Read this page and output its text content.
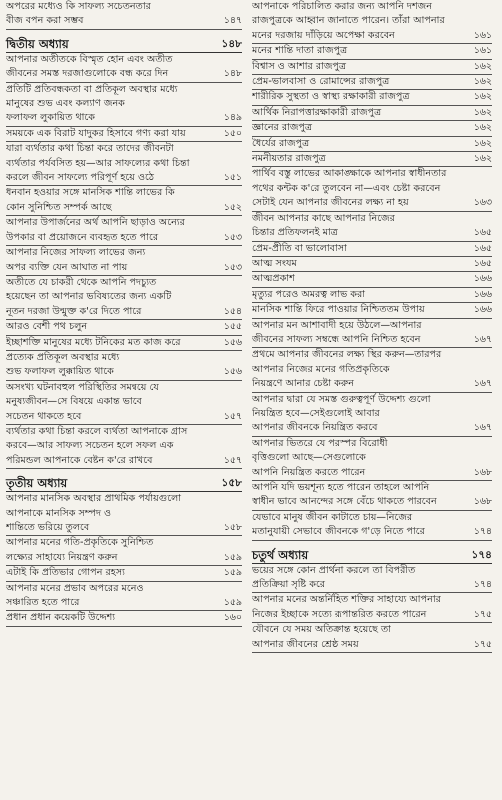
অপরের মধ্যেও কি সাফল্য সচেতনতার
বীজ বপন করা সম্ভব	১৪৭
দ্বিতীয় অধ্যায়	১৪৮
আপনার অতীতকে বিস্মৃত হোন এবং অতীত
জীবনের সমস্ত দরজাগুলোকে বন্ধ করে দিন	১৪৮
প্রতিটি প্রতিবন্ধকতা বা প্রতিকূল অবস্থার মধ্যে
মানুষের শুভ এবং কল্যাণ জনক
ফলাফল লুকায়িত থাকে	১৪৯
সময়কে এক বিরাট যাদুকর হিসাবে গণ্য করা যায়	১৫০
যারা ব্যর্থতার কথা চিন্তা করে তাদের জীবনটা
ব্যর্থতার পর্যবসিত হয়—আর সাফল্যের কথা চিন্তা
করলে জীবন সাফল্যে পরিপূর্ণ হয়ে ওঠে	১৫১
ধনবান হওয়ার সঙ্গে মানসিক শান্তি লাভের কি
কোন সুনিশ্চিত সম্পর্ক আছে	১৫২
আপনার উপার্জনের অর্থ আপনি ছাড়াও অন্যের
উপকার বা প্রয়োজনে ব্যবহৃত হতে পারে	১৫৩
আপনার নিজের সাফল্য লাভের জন্য
অপর ব্যক্তি যেন আঘাত না পায়	১৫৩
অতীতে যে চাকরী থেকে আপনি পদচ্যুত
হয়েছেন তা আপনার ভবিষ্যতের জন্য একটি
নূতন দরজা উন্মুক্ত ক'রে দিতে পারে	১৫৪
আরও বেশী পথ চলুন	১৫৫
ইচ্ছাশক্তি মানুষের মধ্যে টনিকের মত কাজ করে	১৫৬
প্রত্যেক প্রতিকূল অবস্থার মধ্যে
শুভ ফলাফল লুক্কায়িত থাকে	১৫৬
অসংখ্য ঘটনাবহুল পরিস্থিতির সমন্বয়ে যে
মনুষ্যজীবন—সে বিষয়ে একান্ত ভাবে
সচেতন থাকতে হবে	১৫৭
ব্যর্থতার কথা চিন্তা করলে ব্যর্থতা আপনাকে গ্রাস
করবে—আর সাফল্য সচেতন হলে সফল এক
পরিমন্ডল আপনাকে বেষ্টন ক'রে রাখবে	১৫৭
তৃতীয় অধ্যায়	১৫৮
আপনার মানসিক অবস্থার প্রাথমিক পর্যায়গুলো
আপনাকে মানসিক সম্পদ ও
শান্তিতে ভরিয়ে তুলবে	১৫৮
আপনার মনের গতি-প্রকৃতিকে সুনিশ্চিত
লক্ষ্যের সাহায্যে নিয়ন্ত্রণ করুন	১৫৯
এটাই কি প্রতিভার গোপন রহস্য	১৫৯
আপনার মনের প্রভাব অপরের মনেও
সঞ্চারিত হতে পারে	১৫৯
প্রধান প্রধান কয়েকটি উদ্দেশ্য	১৬০
আপনাকে পরিচালিত করার জন্য আপনি দশজন
রাজপুত্রকে আহ্বান জানাতে পারেন। তাঁরা আপনার
মনের দরজায় দাঁড়িয়ে অপেক্ষা করবেন	১৬১
মনের শান্তি দাতা রাজপুত্র	১৬১
বিশ্বাস ও আশার রাজপুত্র	১৬২
প্রেম-ভালবাসা ও রোমান্সের রাজপুত্র	১৬২
শারীরিক সুস্থতা ও স্বাস্থ্য রক্ষাকারী রাজপুত্র	১৬২
আর্থিক নিরাপত্তারক্ষাকারী রাজপুত্র	১৬২
জ্ঞানের রাজপুত্র	১৬২
ধৈর্যের রাজপুত্র	১৬২
নমনীয়তার রাজপুত্র	১৬২
পার্থিব বস্তু লাভের আকাঙ্ক্ষাকে আপনার স্বাধীনতার
পথের কন্টক ক'রে তুলবেন না—এবং চেষ্টা করবেন
সেটাই যেন আপনার জীবনের লক্ষ্য না হয়	১৬৩
জীবন আপনার কাছে আপনার নিজের
চিন্তার প্রতিফলনই মাত্র	১৬৫
প্রেম-প্রীতি বা ভালোবাসা	১৬৫
আত্ম সংযম	১৬৫
আত্মপ্রকাশ	১৬৬
মৃত্যুর পরেও অমরত্ব লাভ করা	১৬৬
মানসিক শান্তি ফিরে পাওয়ার নিশ্চিততম উপায়	১৬৬
আপনার মন আশাবাদী হয়ে উঠলে—আপনার
জীবনের সাফল্য সম্বন্ধে আপনি নিশ্চিত হবেন	১৬৭
প্রথমে আপনার জীবনের লক্ষ্য স্থির করুন—তারপর
আপনার নিজের মনের গতিপ্রকৃতিকে
নিয়ন্ত্রণে আনার চেষ্টা করুন	১৬৭
আপনার দ্বারা যে সমস্ত গুরুত্বপূর্ণ উদ্দেশ্য গুলো
নিয়ন্ত্রিত হবে—সেইগুলোই আবার
আপনার জীবনকে নিয়ন্ত্রিত করবে	১৬৭
আপনার ভিতরে যে পরস্পর বিরোধী
বৃত্তিগুলো আছে—সেগুলোকে
আপনি নিয়ন্ত্রিত করতে পারেন	১৬৮
আপনি যদি ভয়শূন্য হতে পারেন তাহলে আপনি
স্বাধীন ভাবে আনন্দের সঙ্গে বেঁচে থাকতে পারবেন	১৬৮
যেভাবে মানুষ জীবন কাটাতে চায়—নিজের
মতানুযায়ী সেভাবে জীবনকে গ'ড়ে নিতে পারে	১৭৪
চতুর্থ অধ্যায়	১৭৪
ভয়ের সঙ্গে কোন প্রার্থনা করলে তা বিপরীত
প্রতিক্রিয়া সৃষ্টি করে	১৭৪
আপনার মনের অন্তর্নিহিত শক্তির সাহায্যে আপনার
নিজের ইচ্ছাকে সত্যে রূপান্তরিত করতে পারেন	১৭৫
যৌবনে যে সময় অতিক্রান্ত হয়েছে তা
আপনার জীবনের শ্রেষ্ঠ সময়	১৭৫
